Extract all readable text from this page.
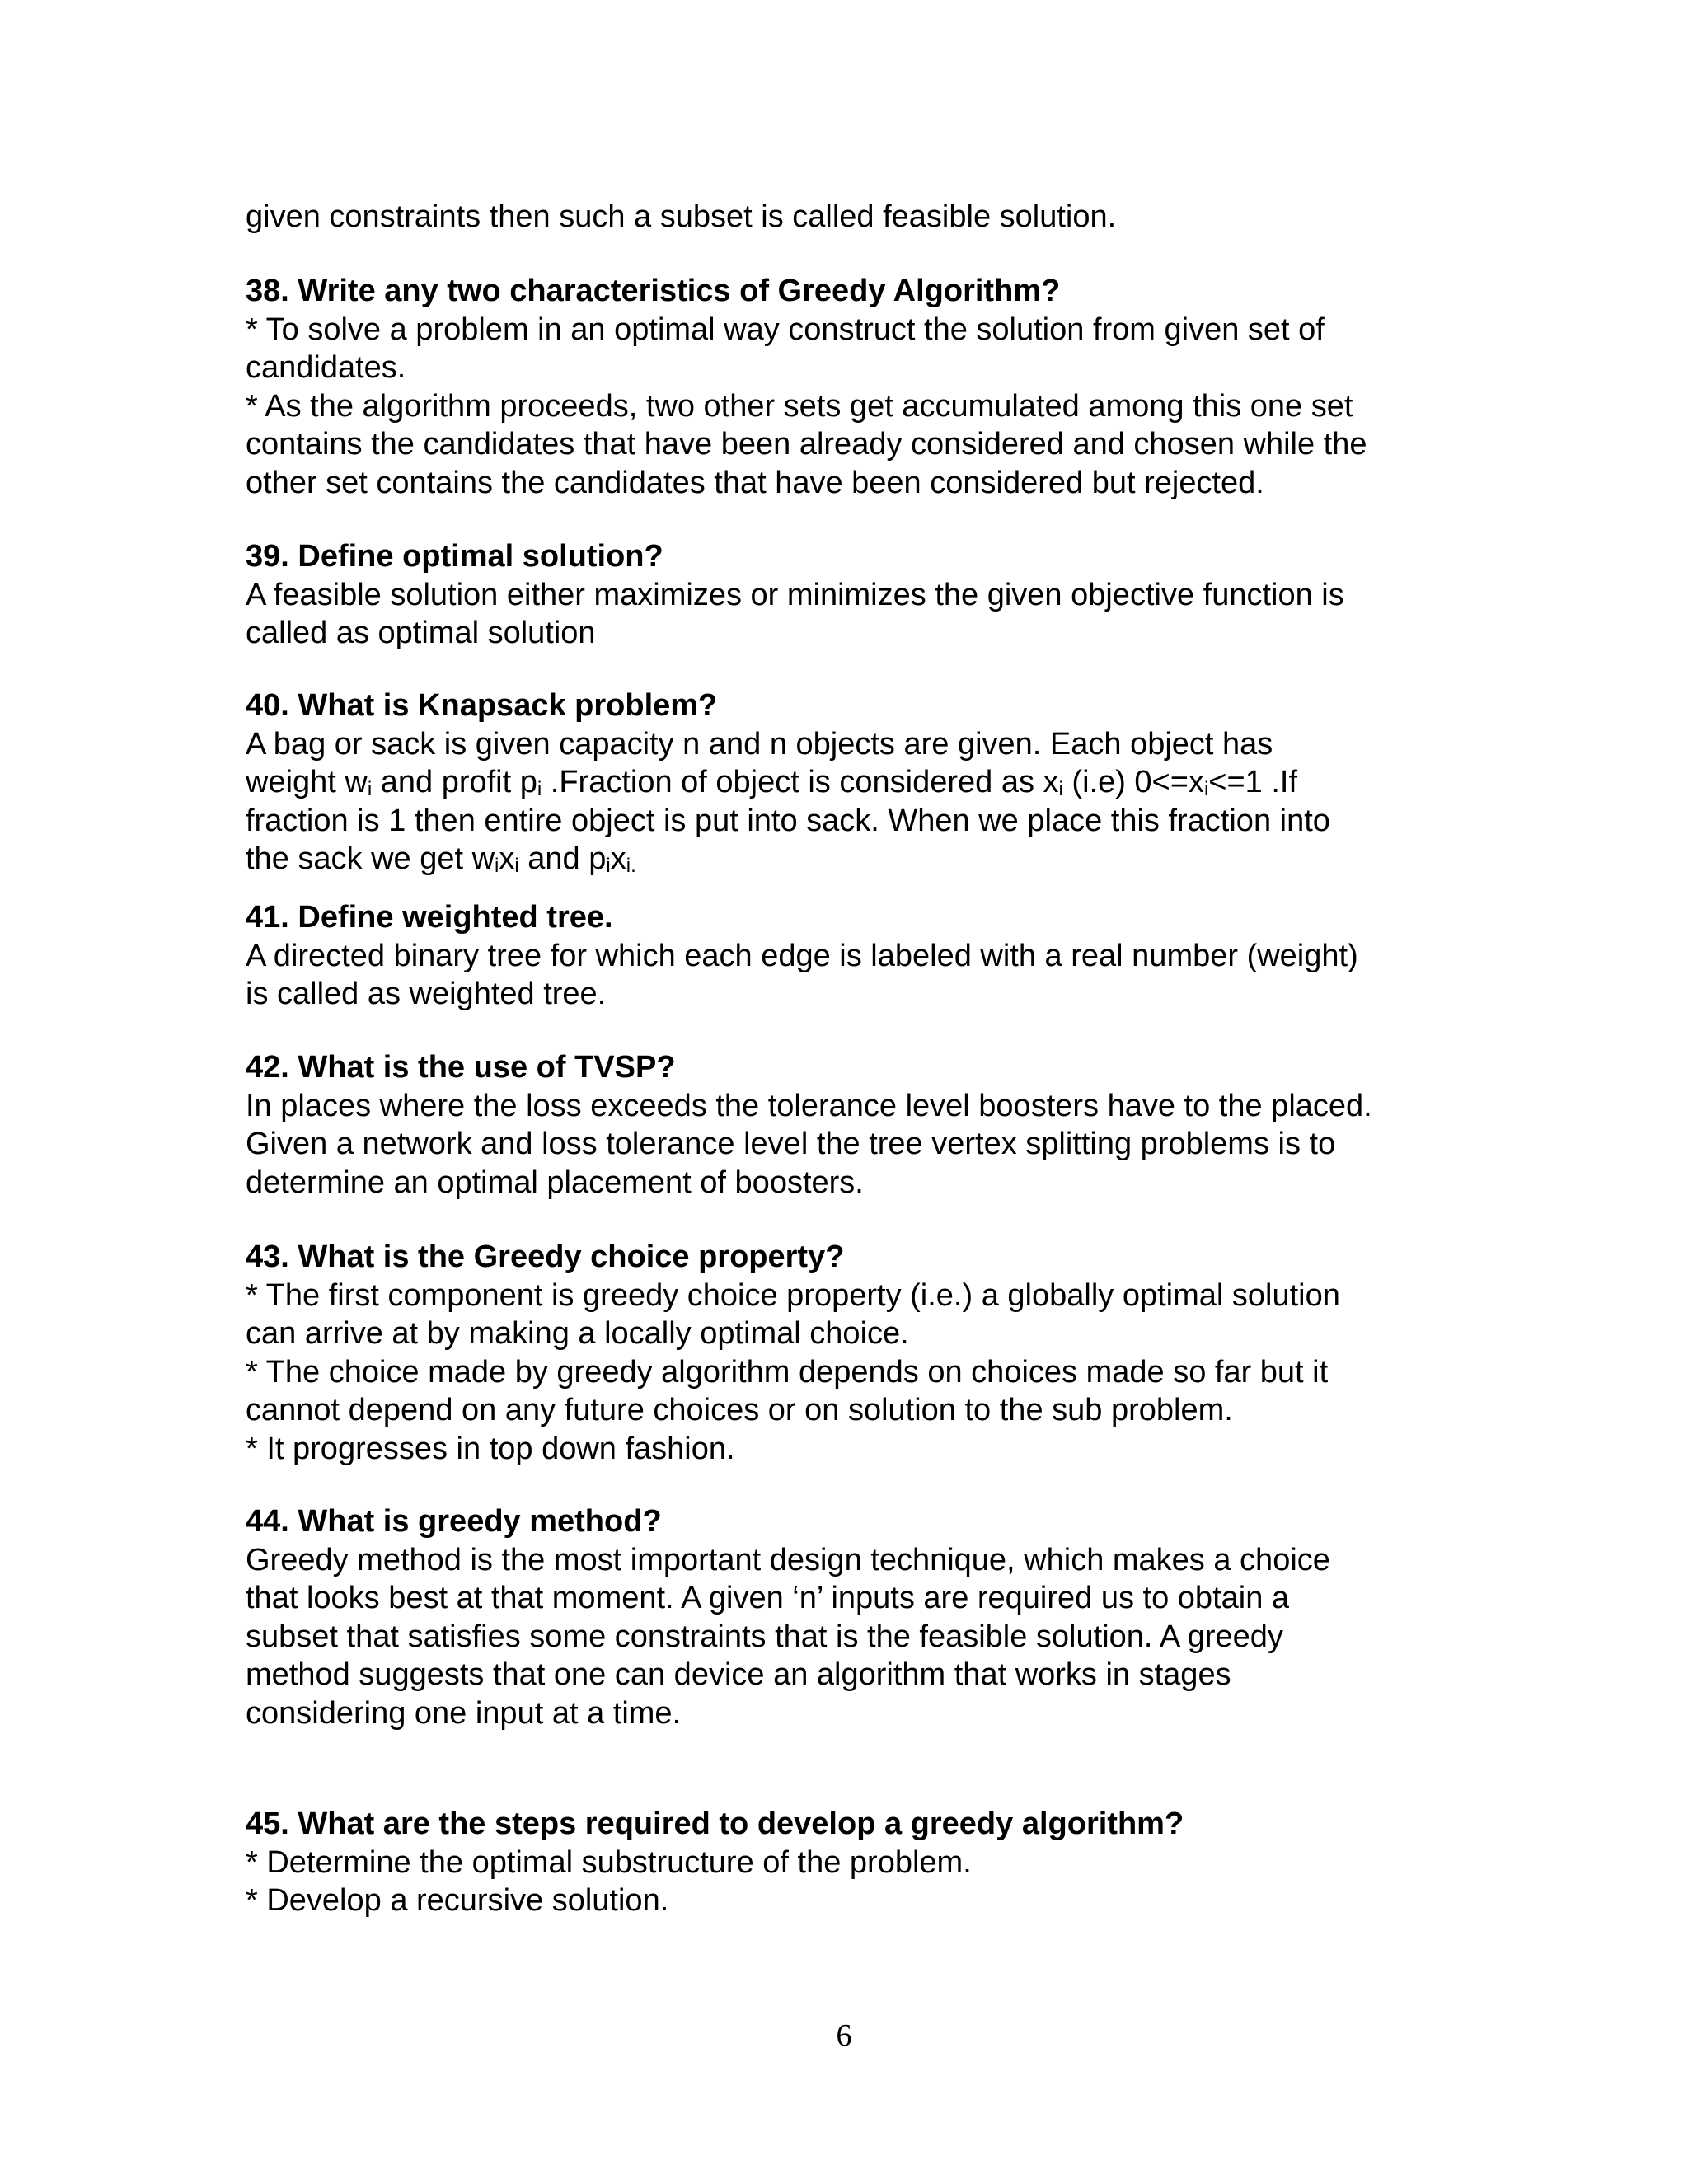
given constraints then such a subset is called feasible solution.
38. Write any two characteristics of Greedy Algorithm?
* To solve a problem in an optimal way construct the solution from given set of
candidates.
* As the algorithm proceeds, two other sets get accumulated among this one set
contains the candidates that have been already considered and chosen while the
other set contains the candidates that have been considered but rejected.
39. Define optimal solution?
A feasible solution either maximizes or minimizes the given objective function is
called as optimal solution
40. What is Knapsack problem?
A bag or sack is given capacity n and n objects are given. Each object has
weight $w_i$ and profit $p_i$ .Fraction of object is considered as $x_i$ (i.e) $0<=x_i<=1$ .If
fraction is 1 then entire object is put into sack. When we place this fraction into
the sack we get $w_ix_i$ and $p_ix_{i.}$
41. Define weighted tree.
A directed binary tree for which each edge is labeled with a real number (weight)
is called as weighted tree.
42. What is the use of TVSP?
In places where the loss exceeds the tolerance level boosters have to the placed.
Given a network and loss tolerance level the tree vertex splitting problems is to
determine an optimal placement of boosters.
43. What is the Greedy choice property?
* The first component is greedy choice property (i.e.) a globally optimal solution
can arrive at by making a locally optimal choice.
* The choice made by greedy algorithm depends on choices made so far but it
cannot depend on any future choices or on solution to the sub problem.
* It progresses in top down fashion.
44. What is greedy method?
Greedy method is the most important design technique, which makes a choice
that looks best at that moment. A given ‘n’ inputs are required us to obtain a
subset that satisfies some constraints that is the feasible solution. A greedy
method suggests that one can device an algorithm that works in stages
considering one input at a time.
45. What are the steps required to develop a greedy algorithm?
* Determine the optimal substructure of the problem.
* Develop a recursive solution.
6
